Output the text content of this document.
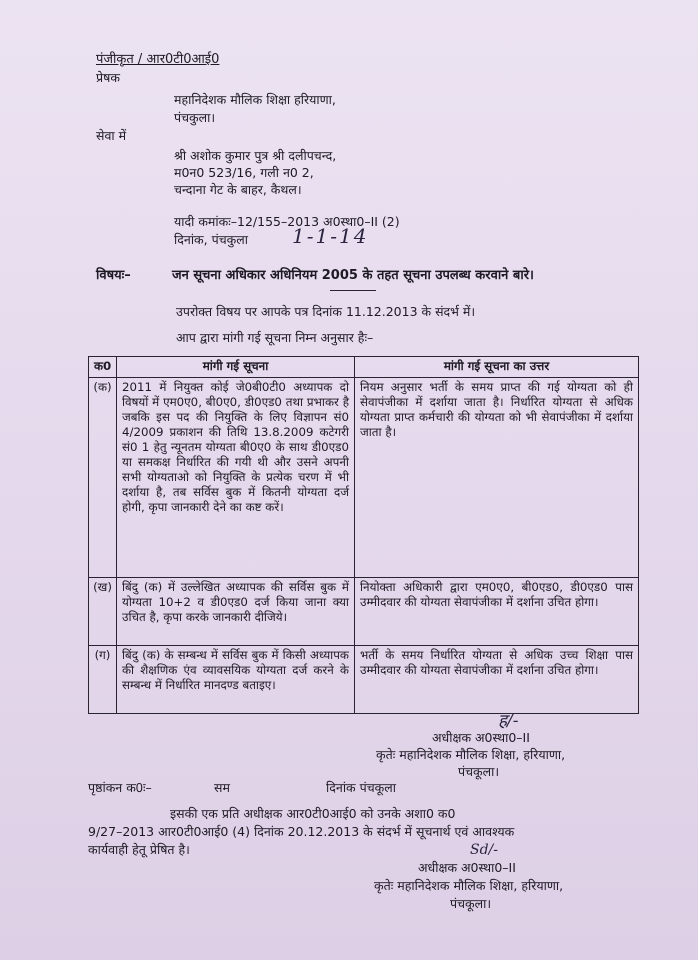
पंजीकृत / आर0टी0आई0
प्रेषक
महानिदेशक मौलिक शिक्षा हरियाणा,
पंचकुला।
सेवा में
श्री अशोक कुमार पुत्र श्री दलीपचन्द,
म0न0 523/16, गली न0 2,
चन्दाना गेट के बाहर, कैथल।
यादी कमांकः–12/155–2013 अ0स्था0–II (2)
दिनांक, पंचकुला 1-1-14
विषयः–	जन सूचना अधिकार अधिनियम 2005 के तहत सूचना उपलब्ध करवाने बारे।
उपरोक्त विषय पर आपके पत्र दिनांक 11.12.2013 के संदर्भ में।
आप द्वारा मांगी गई सूचना निम्न अनुसार हैः–
क0	मांगी गई सूचना	मांगी गई सूचना का उत्तर
(क)	2011 में नियुक्त कोई जे0बी0टी0 अध्यापक दो विषयों में एम0ए0, बी0ए0, डी0एड0 तथा प्रभाकर है जबकि इस पद की नियुक्ति के लिए विज्ञापन सं0 4/2009 प्रकाशन की तिथि 13.8.2009 कटेगरी सं0 1 हेतु न्यूनतम योग्यता बी0ए0 के साथ डी0एड0 या समकक्ष निर्धारित की गयी थी और उसने अपनी सभी योग्यताओ को नियुक्ति के प्रत्येक चरण में भी दर्शाया है, तब सर्विस बुक में कितनी योग्यता दर्ज होगी, कृपा जानकारी देने का कष्ट करें।	नियम अनुसार भर्ती के समय प्राप्त की गई योग्यता को ही सेवापंजीका में दर्शाया जाता है। निर्धारित योग्यता से अधिक योग्यता प्राप्त कर्मचारी की योग्यता को भी सेवापंजीका में दर्शाया जाता है।
(ख)	बिंदु (क) में उल्लेखित अध्यापक की सर्विस बुक में योग्यता 10+2 व डी0एड0 दर्ज किया जाना क्या उचित है, कृपा करके जानकारी दीजिये।	नियोक्ता अधिकारी द्वारा एम0ए0, बी0एड0, डी0एड0 पास उम्मीदवार की योग्यता सेवापंजीका में दर्शाना उचित होगा।
(ग)	बिंदु (क) के सम्बन्ध में सर्विस बुक में किसी अध्यापक की शैक्षणिक एंव व्यावसयिक योग्यता दर्ज करने के सम्बन्ध में निर्धारित मानदण्ड बताइए।	भर्ती के समय निर्धारित योग्यता से अधिक उच्च शिक्षा पास उम्मीदवार की योग्यता सेवापंजीका में दर्शाना उचित होगा।
ह/-
अधीक्षक अ0स्था0–II
कृतेः महानिदेशक मौलिक शिक्षा, हरियाणा,
पंचकूला।
पृष्ठांकन क0ः–	सम	दिनांक पंचकूला
इसकी एक प्रति अधीक्षक आर0टी0आई0 को उनके अशा0 क0
9/27–2013 आर0टी0आई0 (4) दिनांक 20.12.2013 के संदर्भ में सूचनार्थ एवं आवश्यक
कार्यवाही हेतू प्रेषित है।	Sd/-
अधीक्षक अ0स्था0–II
कृतेः महानिदेशक मौलिक शिक्षा, हरियाणा,
पंचकूला।
